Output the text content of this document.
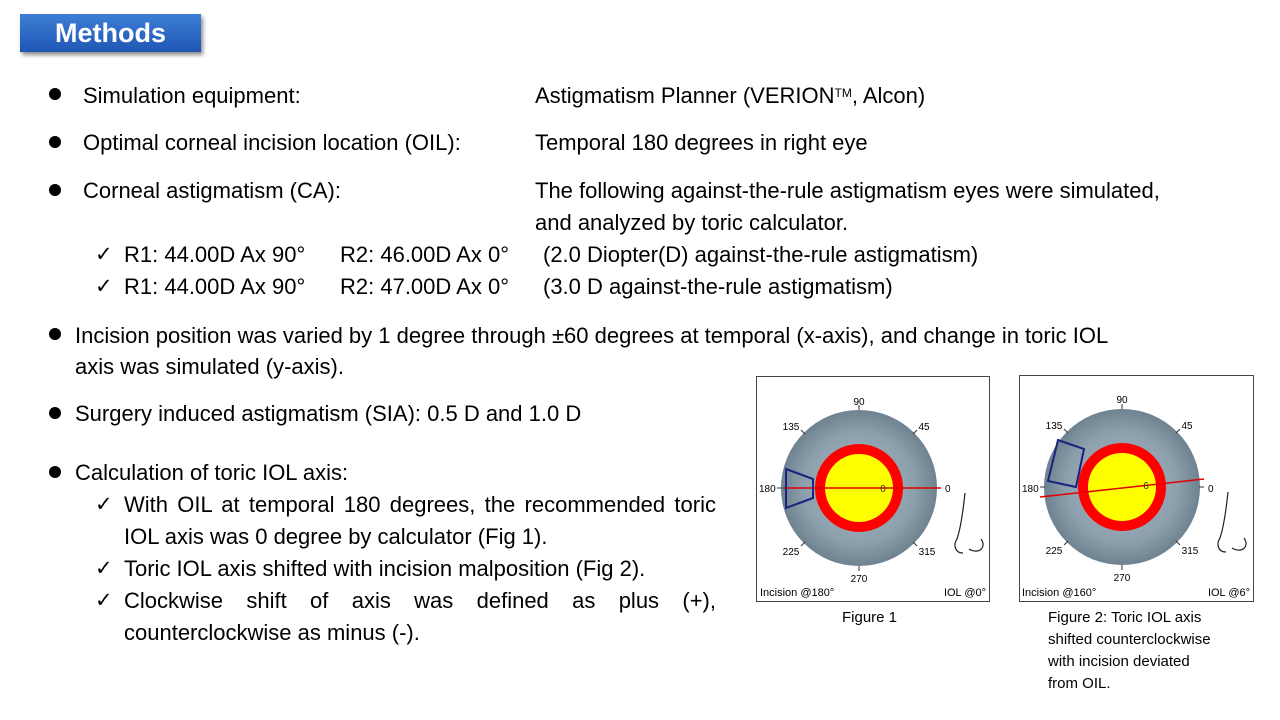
Methods
Simulation equipment:	Astigmatism Planner (VERION™, Alcon)
Optimal corneal incision location (OIL):	Temporal 180 degrees in right eye
Corneal astigmatism (CA):	The following against-the-rule astigmatism eyes were simulated,
and analyzed by toric calculator.
✓ R1: 44.00D Ax 90° R2: 46.00D Ax 0° (2.0 Diopter(D) against-the-rule astigmatism)
✓ R1: 44.00D Ax 90° R2: 47.00D Ax 0° (3.0 D against-the-rule astigmatism)
Incision position was varied by 1 degree through ±60 degrees at temporal (x-axis), and change in toric IOL
axis was simulated (y-axis).
Surgery induced astigmatism (SIA): 0.5 D and 1.0 D
Calculation of toric IOL axis:
✓ With OIL at temporal 180 degrees, the recommended toric IOL axis was 0 degree by calculator (Fig 1).
✓ Toric IOL axis shifted with incision malposition (Fig 2).
✓ Clockwise shift of axis was defined as plus (+), counterclockwise as minus (-).
90
135	45
180	0
225	315
270
0
Incision @180°	IOL @0°
Figure 1
90
135	45
180	0
225	315
270
6
Incision @160°	IOL @6°
Figure 2: Toric IOL axis
shifted counterclockwise
with incision deviated
from OIL.
